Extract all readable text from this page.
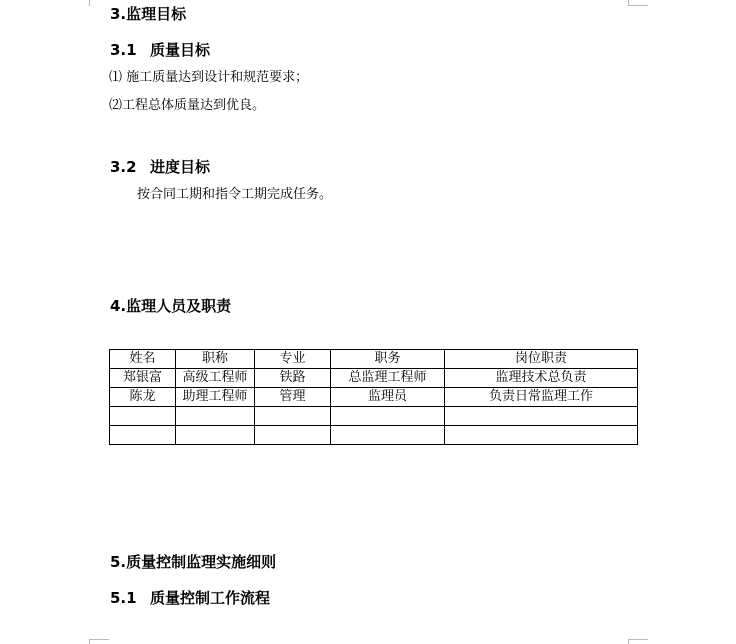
3.监理目标
3.1 质量目标
⑴ 施工质量达到设计和规范要求；
⑵工程总体质量达到优良。
3.2 进度目标
按合同工期和指令工期完成任务。
4.监理人员及职责
姓名	职称	专业	职务	岗位职责
郑银富	高级工程师	铁路	总监理工程师	监理技术总负责
陈龙	助理工程师	管理	监理员	负责日常监理工作

5.质量控制监理实施细则
5.1 质量控制工作流程
